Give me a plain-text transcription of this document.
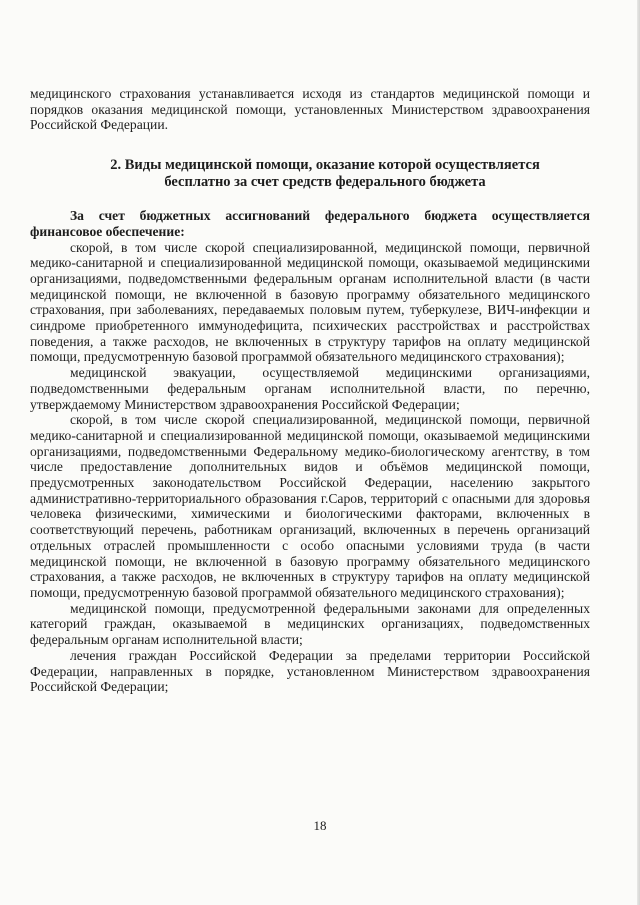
медицинского страхования устанавливается исходя из стандартов медицинской помощи и порядков оказания медицинской помощи, установленных Министерством здравоохранения Российской Федерации.

2. Виды медицинской помощи, оказание которой осуществляется бесплатно за счет средств федерального бюджета

За счет бюджетных ассигнований федерального бюджета осуществляется финансовое обеспечение:

скорой, в том числе скорой специализированной, медицинской помощи, первичной медико-санитарной и специализированной медицинской помощи, оказываемой медицинскими организациями, подведомственными федеральным органам исполнительной власти (в части медицинской помощи, не включенной в базовую программу обязательного медицинского страхования, при заболеваниях, передаваемых половым путем, туберкулезе, ВИЧ-инфекции и синдроме приобретенного иммунодефицита, психических расстройствах и расстройствах поведения, а также расходов, не включенных в структуру тарифов на оплату медицинской помощи, предусмотренную базовой программой обязательного медицинского страхования);

медицинской эвакуации, осуществляемой медицинскими организациями, подведомственными федеральным органам исполнительной власти, по перечню, утверждаемому Министерством здравоохранения Российской Федерации;

скорой, в том числе скорой специализированной, медицинской помощи, первичной медико-санитарной и специализированной медицинской помощи, оказываемой медицинскими организациями, подведомственными Федеральному медико-биологическому агентству, в том числе предоставление дополнительных видов и объёмов медицинской помощи, предусмотренных законодательством Российской Федерации, населению закрытого административно-территориального образования г.Саров, территорий с опасными для здоровья человека физическими, химическими и биологическими факторами, включенных в соответствующий перечень, работникам организаций, включенных в перечень организаций отдельных отраслей промышленности с особо опасными условиями труда (в части медицинской помощи, не включенной в базовую программу обязательного медицинского страхования, а также расходов, не включенных в структуру тарифов на оплату медицинской помощи, предусмотренную базовой программой обязательного медицинского страхования);

медицинской помощи, предусмотренной федеральными законами для определенных категорий граждан, оказываемой в медицинских организациях, подведомственных федеральным органам исполнительной власти;

лечения граждан Российской Федерации за пределами территории Российской Федерации, направленных в порядке, установленном Министерством здравоохранения Российской Федерации;

18
